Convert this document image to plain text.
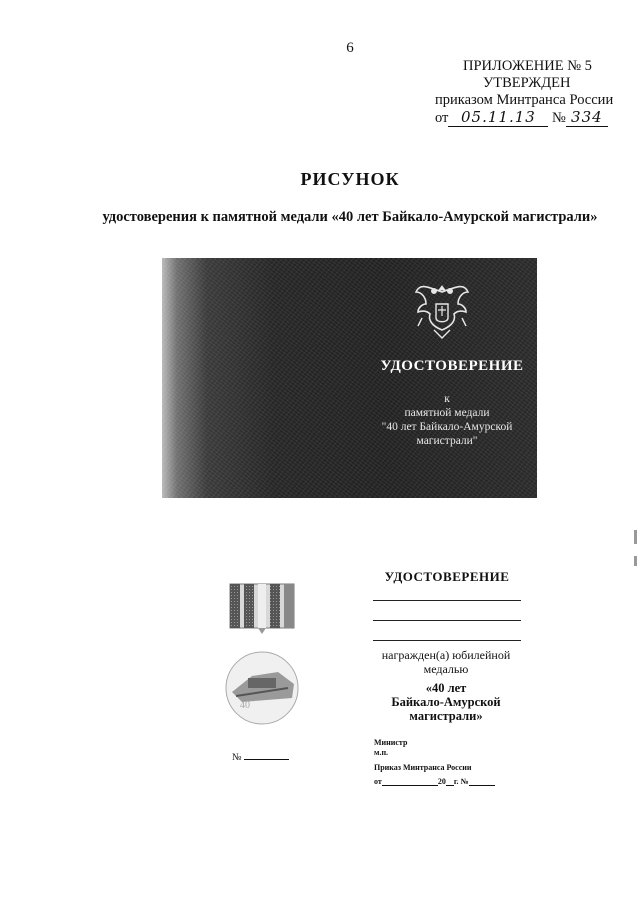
6
ПРИЛОЖЕНИЕ № 5
УТВЕРЖДЕН
приказом Минтранса России
от 05.11.13 № 334
РИСУНОК
удостоверения к памятной медали «40 лет Байкало-Амурской магистрали»
УДОСТОВЕРЕНИЕ
к
памятной медали
"40 лет Байкало-Амурской
магистрали"
40
№
УДОСТОВЕРЕНИЕ
награжден(а) юбилейной
медалью
«40 лет
Байкало-Амурской
магистрали»
Министр
м.п.
Приказ Минтранса России
от	20 г. №
